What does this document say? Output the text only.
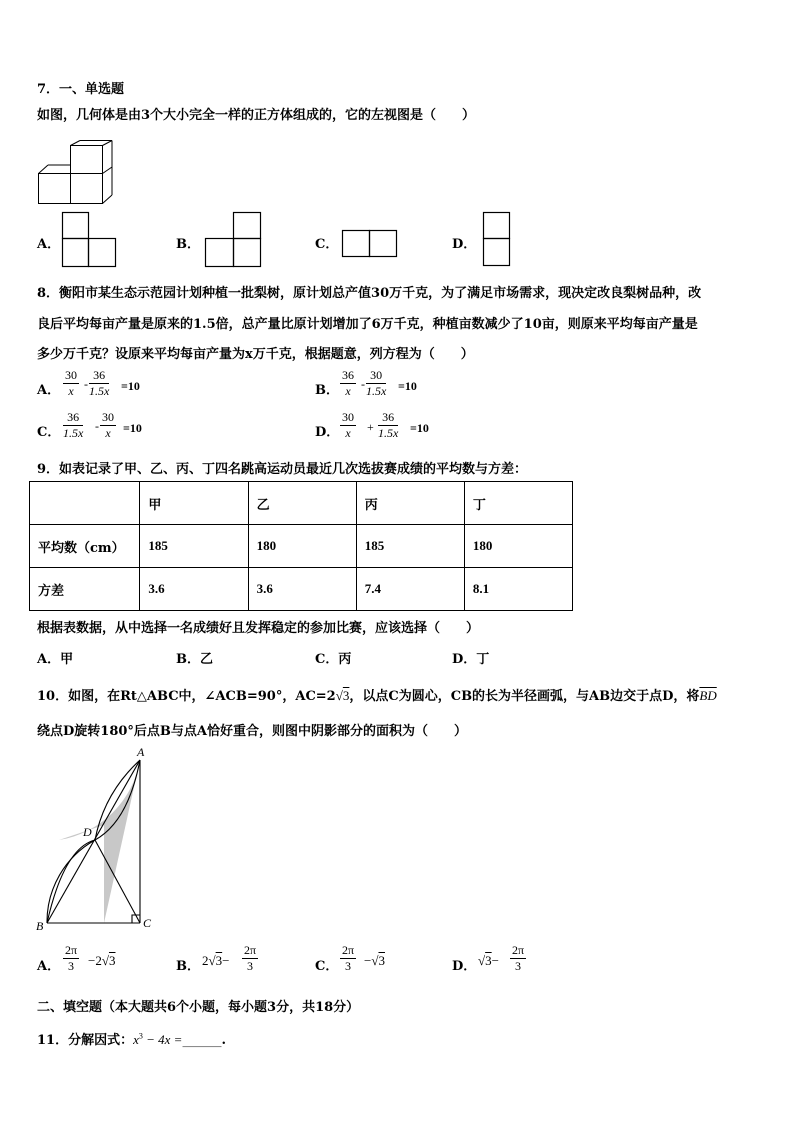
7．一、单选题
如图，几何体是由3个大小完全一样的正方体组成的，它的左视图是（　　）
A．	B．	C．	D．
8．衡阳市某生态示范园计划种植一批梨树，原计划总产值30万千克，为了满足市场需求，现决定改良梨树品种，改
良后平均每亩产量是原来的1.5倍，总产量比原计划增加了6万千克，种植亩数减少了10亩，则原来平均每亩产量是
多少万千克？设原来平均每亩产量为x万千克，根据题意，列方程为（　　）
A． $\frac{30}{x} - \frac{36}{1.5x} =10$	B． $\frac{36}{x} - \frac{30}{1.5x} =10$
C． $\frac{36}{1.5x} - \frac{30}{x} =10$	D． $\frac{30}{x} + \frac{36}{1.5x} =10$
9．如表记录了甲、乙、丙、丁四名跳高运动员最近几次选拔赛成绩的平均数与方差：
	甲	乙	丙	丁
平均数（cm）	185	180	185	180
方差	3.6	3.6	7.4	8.1
根据表数据，从中选择一名成绩好且发挥稳定的参加比赛，应该选择（　　）
A．甲	B．乙	C．丙	D．丁
10．如图，在Rt△ABC中，∠ACB=90°，AC=2√3，以点C为圆心，CB的长为半径画弧，与AB边交于点D，将$\overline{BD}$
绕点D旋转180°后点B与点A恰好重合，则图中阴影部分的面积为（　　）
A
B	C
D
A． $\frac{2\pi}{3} -2√3$	B． $2√3- \frac{2\pi}{3}$	C． $\frac{2\pi}{3} -√3$	D． $√3- \frac{2\pi}{3}$
二、填空题（本大题共6个小题，每小题3分，共18分）
11．分解因式：$x^3 - 4x$ =______.
